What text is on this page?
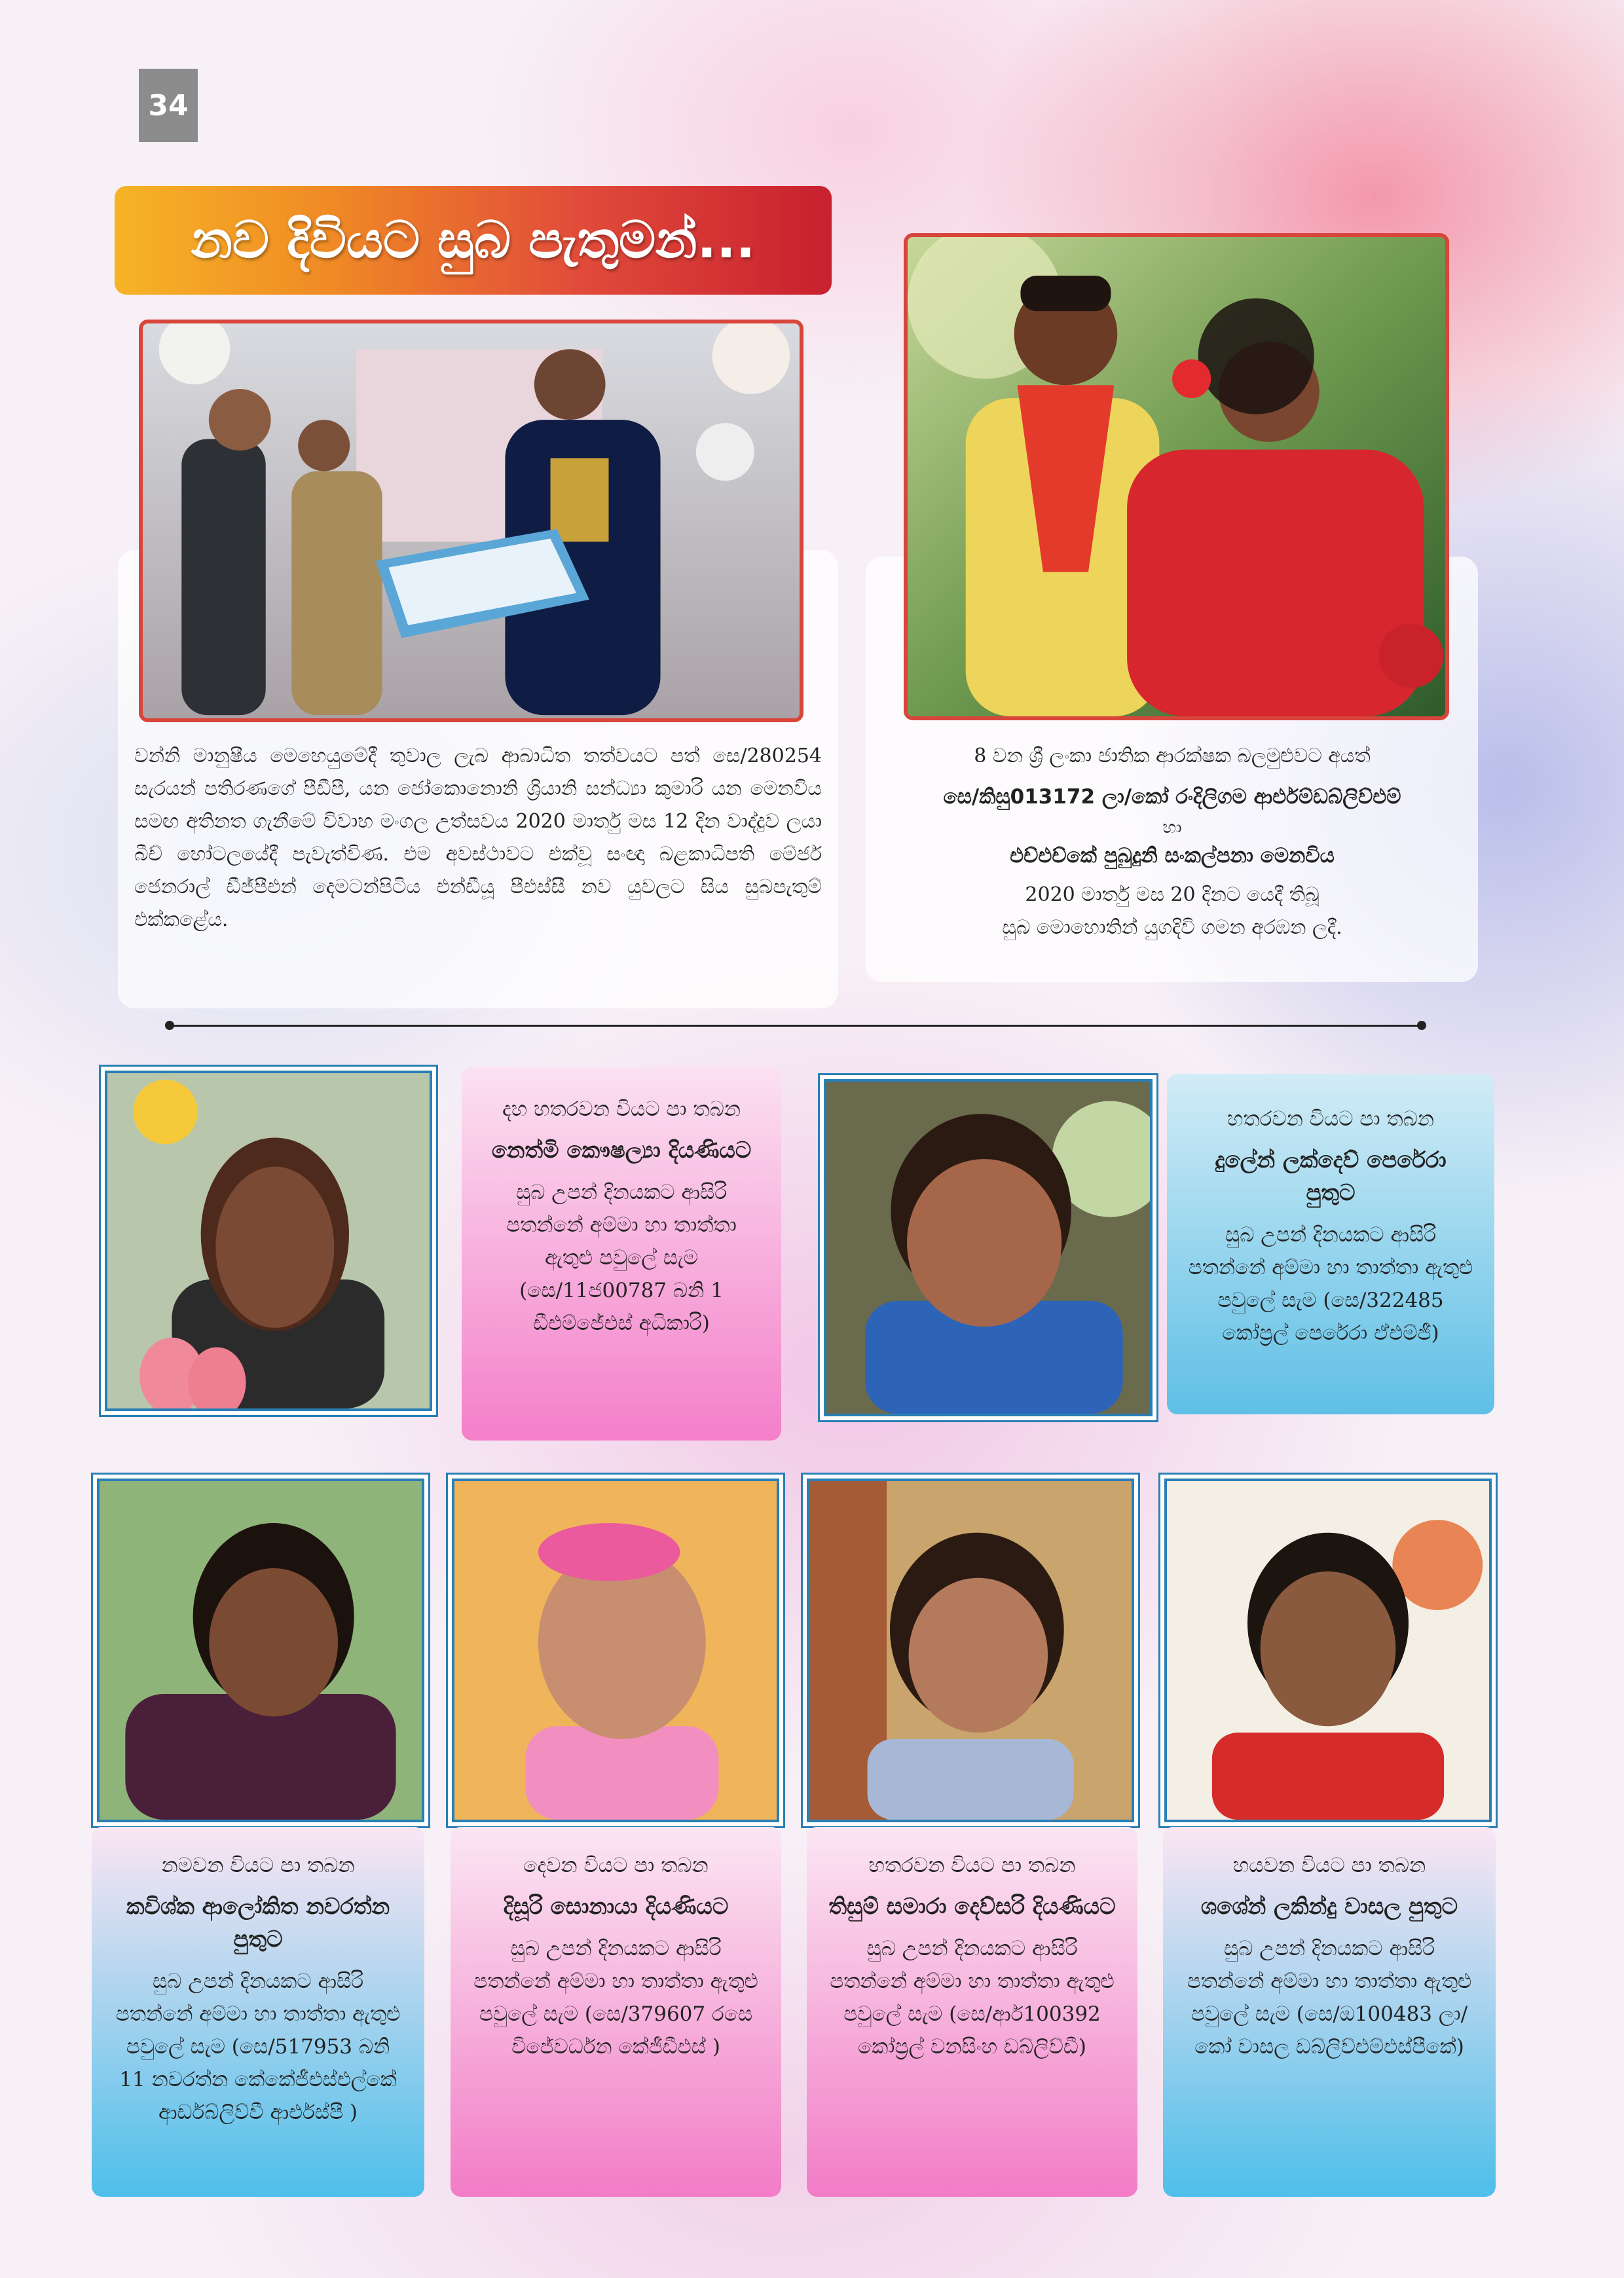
34
නව දිවියට සුබ පැතුමන්...
වන්නි මානුෂීය මෙහෙයුමේදී තුවාල ලැබ ආබාධිත තත්වයට පත් සෙ/280254 සැරයන් පතිරණගේ පීඩීපී, යන ජෝකොනොනි ශ්‍රියානි සන්ධ්‍යා කුමාරි යන මෙනවිය සමඟ අතිනත ගැනීමේ විවාහ මංගල උත්සවය 2020 මාර්තු මස 12 දින වාද්දුව ලයා බීච් හෝටලයේදී පැවැත්විණ. එම අවස්ථාවට එක්වූ සංඥා බළකාධිපති මේජර් ජෙනරාල් ඩීජ්පීඑන් දෙමටන්පිටිය එන්ඩීයූ පීඑස්සී නව යුවලට සිය සුබපැතුම් එක්කළේය.
8 වන ශ්‍රී ලංකා ජාතික ආරක්ෂක බලමුළුවට අයත්
සෙ/කිසු013172 ලා/කෝ රංදිලිගම ආර්එම්ඩබ්ලිව්එම්
හා
එච්එච්කේ පුබුදුනි සංකල්පනා මෙනවිය
2020 මාර්තු මස 20 දිනට යෙදී තිබූ
සුබ මොහොතින් යුගදිවි ගමන අරඹන ලදී.
දහ හතරවන වියට පා තබන
නෙත්මි කෞෂල්‍යා දියණියට
සුබ උපන් දිනයකට ආසිරි පතන්නේ අම්මා හා තාත්තා ඇතුළු පවුලේ සැම (සෙ/11ජ00787 බනි 1 ඩීඑම්ජේඑස් අධිකාරි)
හතරවන වියට පා තබන
දුලේන් ලක්දෙව් පෙරේරා පුතුට
සුබ උපන් දිනයකට ආසිරි පතන්නේ අම්මා හා තාත්තා ඇතුළු පවුලේ සැම (සෙ/322485 කෝප්‍රල් පෙරේරා ඒඑම්ජී)
නමවන වියට පා තබන
කවිශ්ක ආලෝකිත නවරත්න පුතුට
සුබ උපන් දිනයකට ආසිරි පතන්නේ අම්මා හා තාත්තා ඇතුළු පවුලේ සැම (සෙ/517953 බනි 11 නවරත්න කේකේජීඑස්එල්කේ ආර්ඩබ්ලිව්වී ආර්එස්පී )
දෙවන වියට පා තබන
දිසූරි සොනායා දියණියට
සුබ උපන් දිනයකට ආසිරි පතන්නේ අම්මා හා තාත්තා ඇතුළු පවුලේ සැම (සෙ/379607 රසෙ විජේවර්ධන කේජීඩීඑස් )
හතරවන වියට පා තබන
තිසුම් සමාරා දෙව්සරි දියණියට
සුබ උපන් දිනයකට ආසිරි පතන්නේ අම්මා හා තාත්තා ඇතුළු පවුලේ සැම (සෙ/ආර්100392 කෝප්‍රල් වනසිංහ ඩබ්ලිව්ඩී)
හයවන වියට පා තබන
ශශේන් ලකින්දු වාසල පුතුට
සුබ උපන් දිනයකට ආසිරි පතන්නේ අම්මා හා තාත්තා ඇතුළු පවුලේ සැම (සෙ/ඔ100483 ලා/කෝ වාසල ඩබ්ලිව්එම්එස්පීකේ)
